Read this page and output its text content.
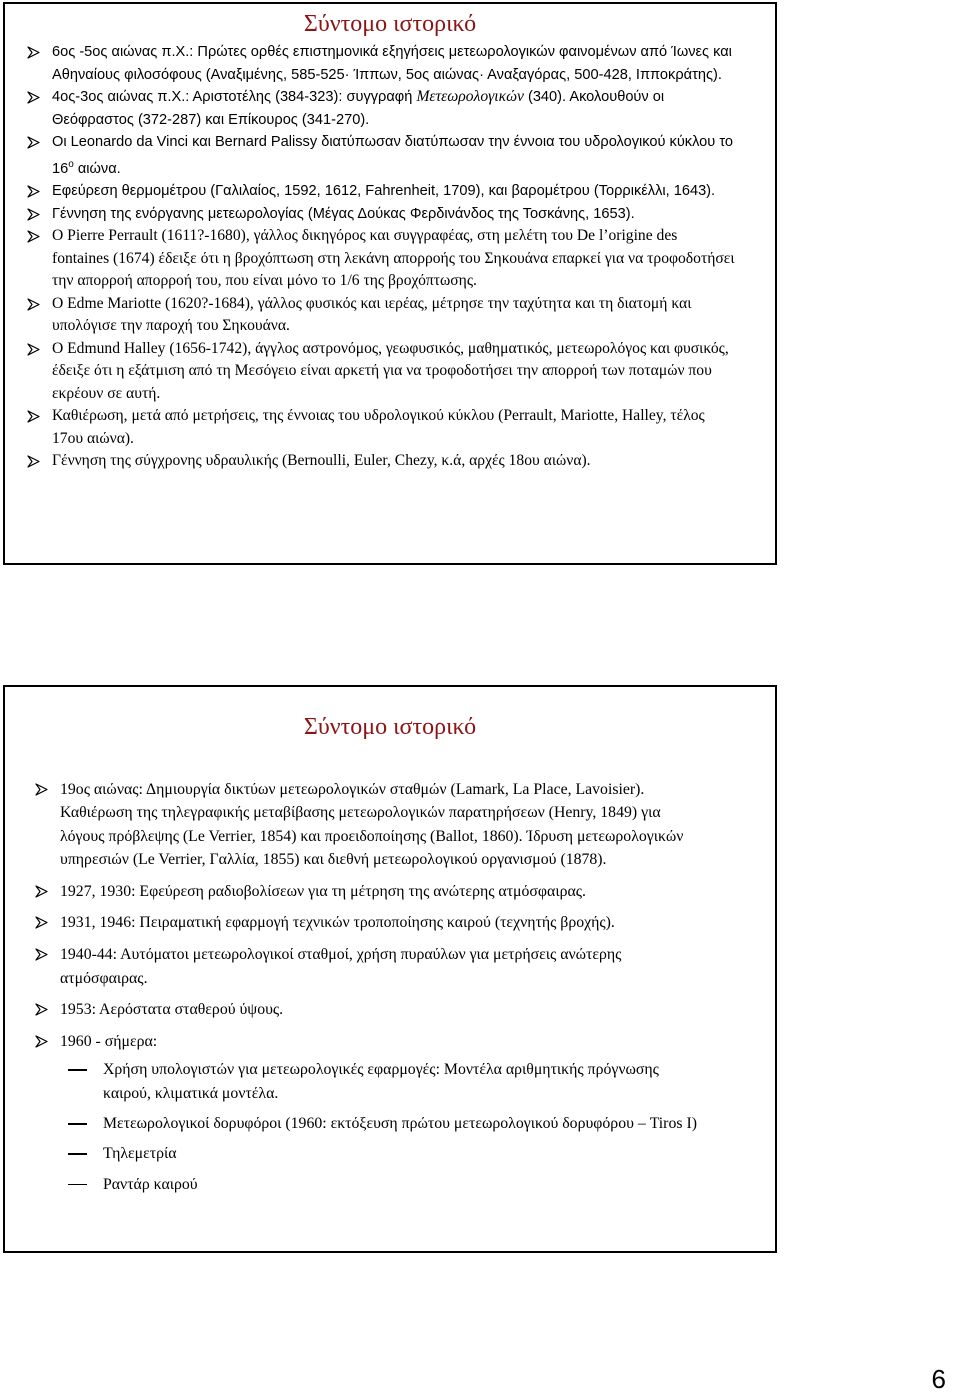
Σύντομο ιστορικό
6ος -5ος αιώνας π.Χ.: Πρώτες ορθές επιστημονικά εξηγήσεις μετεωρολογικών φαινομένων από Ίωνες και Αθηναίους φιλοσόφους (Αναξιμένης, 585-525· Ίππων, 5ος αιώνας· Αναξαγόρας, 500-428, Ιπποκράτης).
4ος-3ος αιώνας π.Χ.: Αριστοτέλης (384-323): συγγραφή Μετεωρολογικών (340). Ακολουθούν οι Θεόφραστος (372-287) και Επίκουρος (341-270).
Οι Leonardo da Vinci και Bernard Palissy διατύπωσαν διατύπωσαν την έννοια του υδρολογικού κύκλου το $16^o$ αιώνα.
Εφεύρεση θερμομέτρου (Γαλιλαίος, 1592, 1612, Fahrenheit, 1709), και βαρομέτρου (Τορρικέλλι, 1643).
Γέννηση της ενόργανης μετεωρολογίας (Μέγας Δούκας Φερδινάνδος της Τοσκάνης, 1653).
Ο Pierre Perrault (1611?-1680), γάλλος δικηγόρος και συγγραφέας, στη μελέτη του De l’origine des fontaines (1674) έδειξε ότι η βροχόπτωση στη λεκάνη απορροής του Σηκουάνα επαρκεί για να τροφοδοτήσει την απορροή απορροή του, που είναι μόνο το 1/6 της βροχόπτωσης.
Ο Edme Mariotte (1620?-1684), γάλλος φυσικός και ιερέας, μέτρησε την ταχύτητα και τη διατομή και υπολόγισε την παροχή του Σηκουάνα.
Ο Edmund Halley (1656-1742), άγγλος αστρονόμος, γεωφυσικός, μαθηματικός, μετεωρολόγος και φυσικός, έδειξε ότι η εξάτμιση από τη Μεσόγειο είναι αρκετή για να τροφοδοτήσει την απορροή των ποταμών που εκρέουν σε αυτή.
Καθιέρωση, μετά από μετρήσεις, της έννοιας του υδρολογικού κύκλου (Perrault, Mariotte, Halley, τέλος 17ου αιώνα).
Γέννηση της σύγχρονης υδραυλικής (Bernoulli, Euler, Chezy, κ.ά, αρχές 18ου αιώνα).
Σύντομο ιστορικό
19ος αιώνας: Δημιουργία δικτύων μετεωρολογικών σταθμών (Lamark, La Place, Lavoisier). Καθιέρωση της τηλεγραφικής μεταβίβασης μετεωρολογικών παρατηρήσεων (Henry, 1849) για λόγους πρόβλεψης (Le Verrier, 1854) και προειδοποίησης (Ballot, 1860). Ίδρυση μετεωρολογικών υπηρεσιών (Le Verrier, Γαλλία, 1855) και διεθνή μετεωρολογικού οργανισμού (1878).
1927, 1930: Εφεύρεση ραδιοβολίσεων για τη μέτρηση της ανώτερης ατμόσφαιρας.
1931, 1946: Πειραματική εφαρμογή τεχνικών τροποποίησης καιρού (τεχνητής βροχής).
1940-44: Αυτόματοι μετεωρολογικοί σταθμοί, χρήση πυραύλων για μετρήσεις ανώτερης ατμόσφαιρας.
1953: Αερόστατα σταθερού ύψους.
1960 - σήμερα:
Χρήση υπολογιστών για μετεωρολογικές εφαρμογές: Μοντέλα αριθμητικής πρόγνωσης καιρού, κλιματικά μοντέλα.
Μετεωρολογικοί δορυφόροι (1960: εκτόξευση πρώτου μετεωρολογικού δορυφόρου – Tiros I)
Τηλεμετρία
Ραντάρ καιρού
6
